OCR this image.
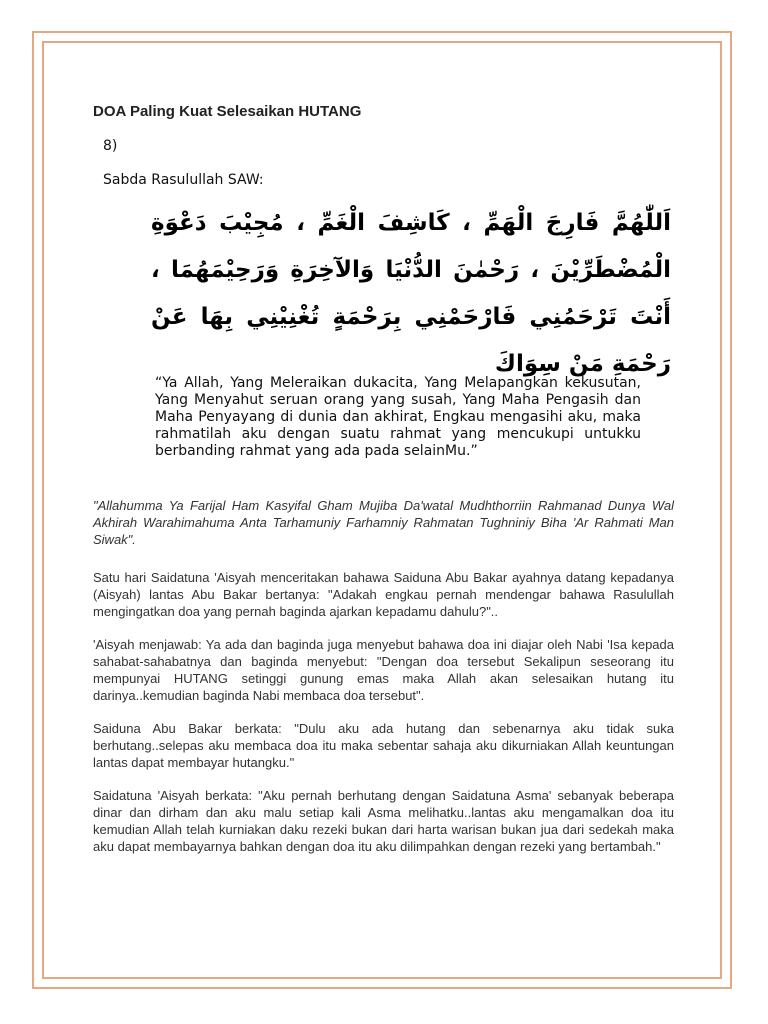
DOA Paling Kuat Selesaikan HUTANG
8)
Sabda Rasulullah SAW:
اَللّٰهُمَّ فَارِجَ الْهَمِّ ، كَاشِفَ الْغَمِّ ، مُجِيْبَ دَعْوَةِ الْمُضْطَرِّيْنَ ، رَحْمٰنَ الدُّنْيَا وَالآخِرَةِ وَرَحِيْمَهُمَا ، أَنْتَ تَرْحَمُنِي فَارْحَمْنِي بِرَحْمَةٍ تُغْنِيْنِي بِهَا عَنْ رَحْمَةِ مَنْ سِوَاكَ
“Ya Allah, Yang Meleraikan dukacita, Yang Melapangkan kekusutan, Yang Menyahut seruan orang yang susah, Yang Maha Pengasih dan Maha Penyayang di dunia dan akhirat, Engkau mengasihi aku, maka rahmatilah aku dengan suatu rahmat yang mencukupi untukku berbanding rahmat yang ada pada selainMu.”

"Allahumma Ya Farijal Ham Kasyifal Gham Mujiba Da'watal Mudhthorriin Rahmanad Dunya Wal Akhirah Warahimahuma Anta Tarhamuniy Farhamniy Rahmatan Tughniniy Biha 'Ar Rahmati Man Siwak".

Satu hari Saidatuna 'Aisyah menceritakan bahawa Saiduna Abu Bakar ayahnya datang kepadanya (Aisyah) lantas Abu Bakar bertanya: "Adakah engkau pernah mendengar bahawa Rasulullah mengingatkan doa yang pernah baginda ajarkan kepadamu dahulu?"..

'Aisyah menjawab: Ya ada dan baginda juga menyebut bahawa doa ini diajar oleh Nabi 'Isa kepada sahabat-sahabatnya dan baginda menyebut: "Dengan doa tersebut Sekalipun seseorang itu mempunyai HUTANG setinggi gunung emas maka Allah akan selesaikan hutang itu darinya..kemudian baginda Nabi membaca doa tersebut".

Saiduna Abu Bakar berkata: "Dulu aku ada hutang dan sebenarnya aku tidak suka berhutang..selepas aku membaca doa itu maka sebentar sahaja aku dikurniakan Allah keuntungan lantas dapat membayar hutangku."

Saidatuna 'Aisyah berkata: "Aku pernah berhutang dengan Saidatuna Asma' sebanyak beberapa dinar dan dirham dan aku malu setiap kali Asma melihatku..lantas aku mengamalkan doa itu kemudian Allah telah kurniakan daku rezeki bukan dari harta warisan bukan jua dari sedekah maka aku dapat membayarnya bahkan dengan doa itu aku dilimpahkan dengan rezeki yang bertambah."
